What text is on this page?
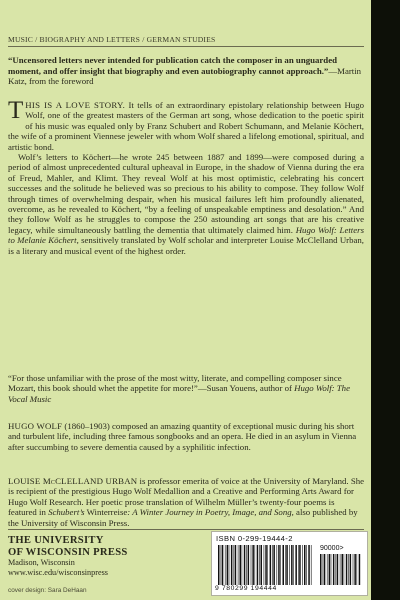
MUSIC / BIOGRAPHY AND LETTERS / GERMAN STUDIES
“Uncensored letters never intended for publication catch the composer in an unguarded moment, and offer insight that biography and even autobiography cannot approach.”—Martin Katz, from the foreword

THIS IS A LOVE STORY. It tells of an extraordinary epistolary relationship between Hugo Wolf, one of the greatest masters of the German art song, whose dedication to the poetic spirit of his music was equaled only by Franz Schubert and Robert Schumann, and Melanie Köchert, the wife of a prominent Viennese jeweler with whom Wolf shared a lifelong emotional, spiritual, and artistic bond.

Wolf’s letters to Köchert—he wrote 245 between 1887 and 1899—were composed during a period of almost unprecedented cultural upheaval in Europe, in the shadow of Vienna during the era of Freud, Mahler, and Klimt. They reveal Wolf at his most optimistic, celebrating his concert successes and the solitude he believed was so precious to his ability to compose. They follow Wolf through times of overwhelming despair, when his musical failures left him profoundly alienated, overcome, as he revealed to Köchert, “by a feeling of unspeakable emptiness and desolation.” And they follow Wolf as he struggles to compose the 250 astounding art songs that are his creative legacy, while simultaneously battling the dementia that ultimately claimed him. Hugo Wolf: Letters to Melanie Köchert, sensitively translated by Wolf scholar and interpreter Louise McClelland Urban, is a literary and musical event of the highest order.

“For those unfamiliar with the prose of the most witty, literate, and compelling composer since Mozart, this book should whet the appetite for more!”—Susan Youens, author of Hugo Wolf: The Vocal Music

HUGO WOLF (1860–1903) composed an amazing quantity of exceptional music during his short and turbulent life, including three famous songbooks and an opera. He died in an asylum in Vienna after succumbing to severe dementia caused by a syphilitic infection.

LOUISE McCLELLAND URBAN is professor emerita of voice at the University of Maryland. She is recipient of the prestigious Hugo Wolf Medallion and a Creative and Performing Arts Award for Hugo Wolf Research. Her poetic prose translation of Wilhelm Müller’s twenty-four poems is featured in Schubert’s Winterreise: A Winter Journey in Poetry, Image, and Song, also published by the University of Wisconsin Press.

THE UNIVERSITY
OF WISCONSIN PRESS
Madison, Wisconsin
www.wisc.edu/wisconsinpress
cover design: Sara DeHaan
ISBN 0-299-19444-2
90000>
9 780299 194444
